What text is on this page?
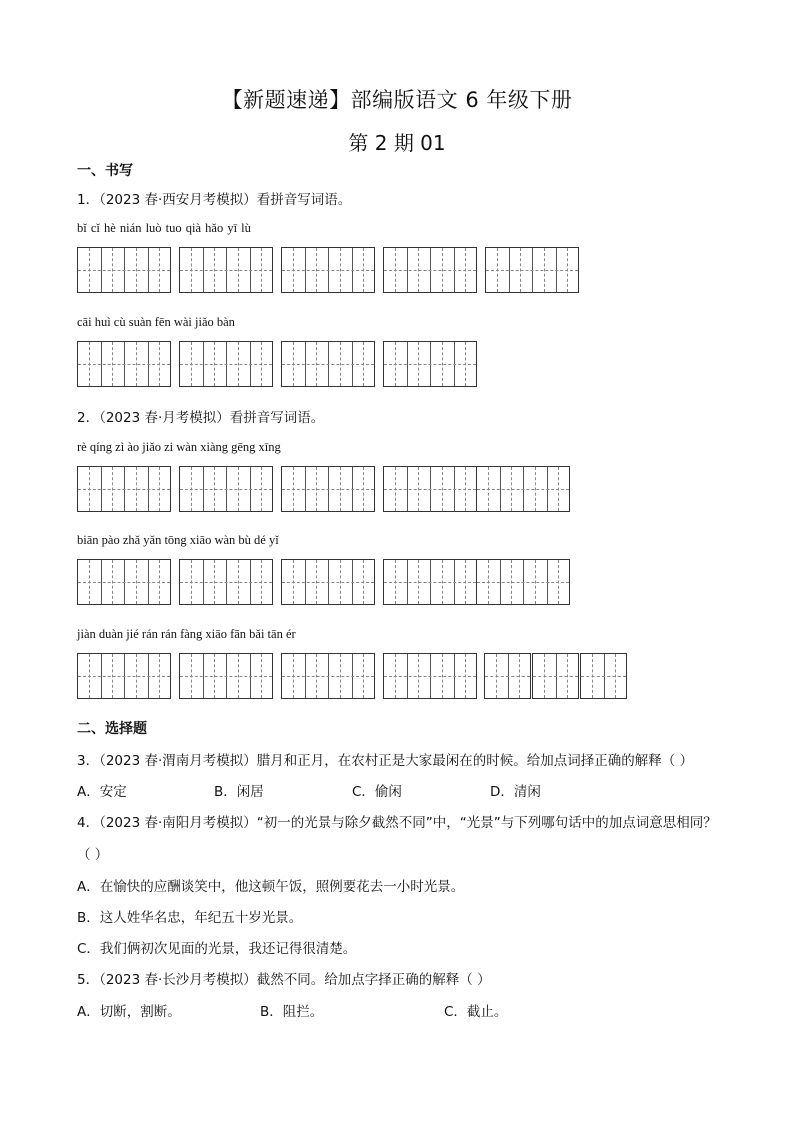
【新题速递】部编版语文 6 年级下册
第 2 期 01
一、书写
1．（2023 春·西安月考模拟）看拼音写词语。
bǐ cǐ hè nián luò tuo qià hǎo yī lù
cāi huì cù suàn fēn wài jiǎo bàn
2．（2023 春·月考模拟）看拼音写词语。
rè qíng zì ào jiǎo zi wàn xiàng gēng xīng
biān pào zhǎ yǎn tōng xiāo wàn bù dé yǐ
jiàn duàn jié rán rán fàng xiāo fān bǎi tān ér
二、选择题
3．（2023 春·渭南月考模拟）腊月和正月，在农村正是大家最闲在的时候。给加点词择正确的解释（ ）
A．安定	B．闲居	C．偷闲	D．清闲
4．（2023 春·南阳月考模拟）“初一的光景与除夕截然不同”中，“光景”与下列哪句话中的加点词意思相同？
（ ）
A．在愉快的应酬谈笑中，他这顿午饭，照例要花去一小时光景。
B．这人姓华名忠，年纪五十岁光景。
C．我们俩初次见面的光景，我还记得很清楚。
5．（2023 春·长沙月考模拟）截然不同。给加点字择正确的解释（ ）
A．切断，割断。	B．阻拦。	C．截止。
